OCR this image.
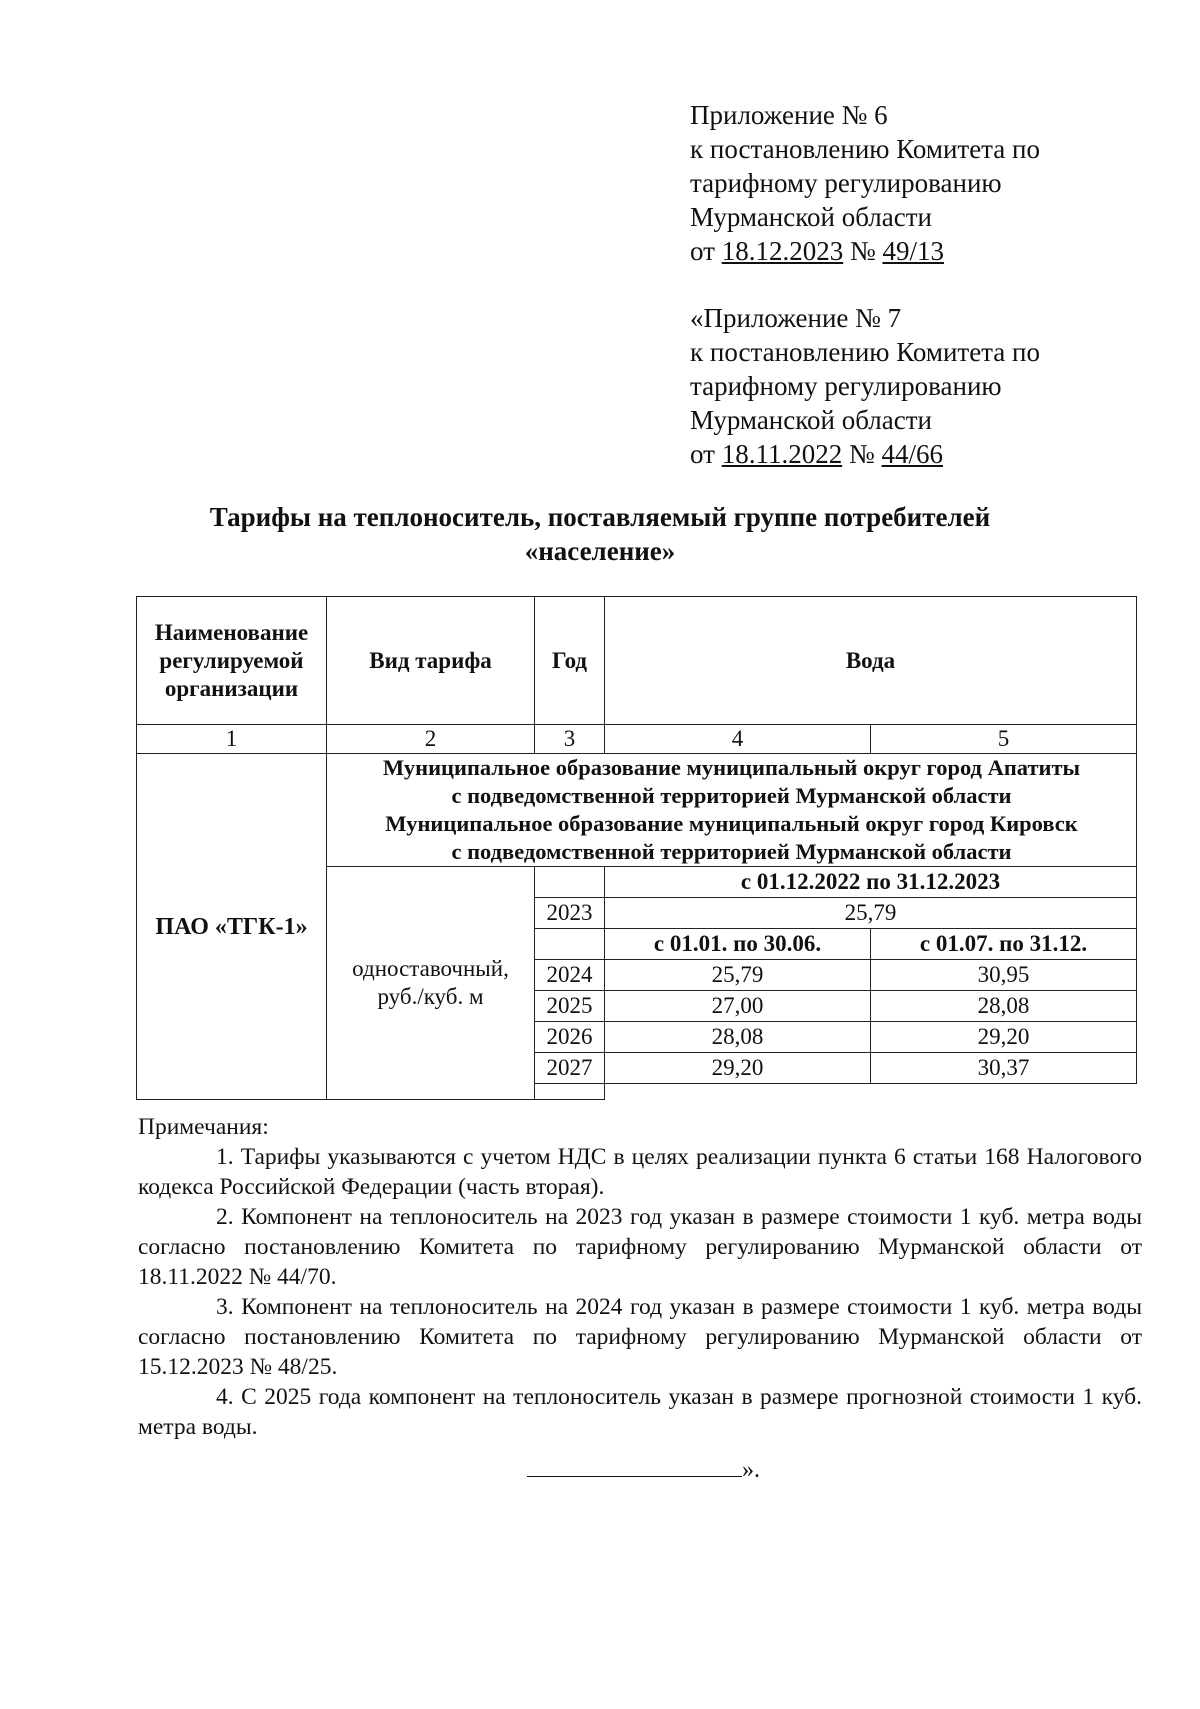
Приложение № 6
к постановлению Комитета по
тарифному регулированию
Мурманской области
от 18.12.2023 № 49/13
«Приложение № 7
к постановлению Комитета по
тарифному регулированию
Мурманской области
от 18.11.2022 № 44/66
Тарифы на теплоноситель, поставляемый группе потребителей
«население»
Наименование регулируемой организации	Вид тарифа	Год	Вода	
1	2	3	4	5
ПАО «ТГК-1»	Муниципальное образование муниципальный округ город Апатиты
с подведомственной территорией Мурманской области
Муниципальное образование муниципальный округ город Кировск
с подведомственной территорией Мурманской области			

	одноставочный, руб./куб. м		с 01.12.2022 по 31.12.2023	
		2023	25,79	
			с 01.01. по 30.06.	с 01.07. по 31.12.
		2024	25,79	30,95
		2025	27,00	28,08
		2026	28,08	29,20
		2027	29,20	30,37

Примечания:

1. Тарифы указываются с учетом НДС в целях реализации пункта 6 статьи 168 Налогового кодекса Российской Федерации (часть вторая).

2. Компонент на теплоноситель на 2023 год указан в размере стоимости 1 куб. метра воды согласно постановлению Комитета по тарифному регулированию Мурманской области от 18.11.2022 № 44/70.

3. Компонент на теплоноситель на 2024 год указан в размере стоимости 1 куб. метра воды согласно постановлению Комитета по тарифному регулированию Мурманской области от 15.12.2023 № 48/25.

4. С 2025 года компонент на теплоноситель указан в размере прогнозной стоимости 1 куб. метра воды.

».
